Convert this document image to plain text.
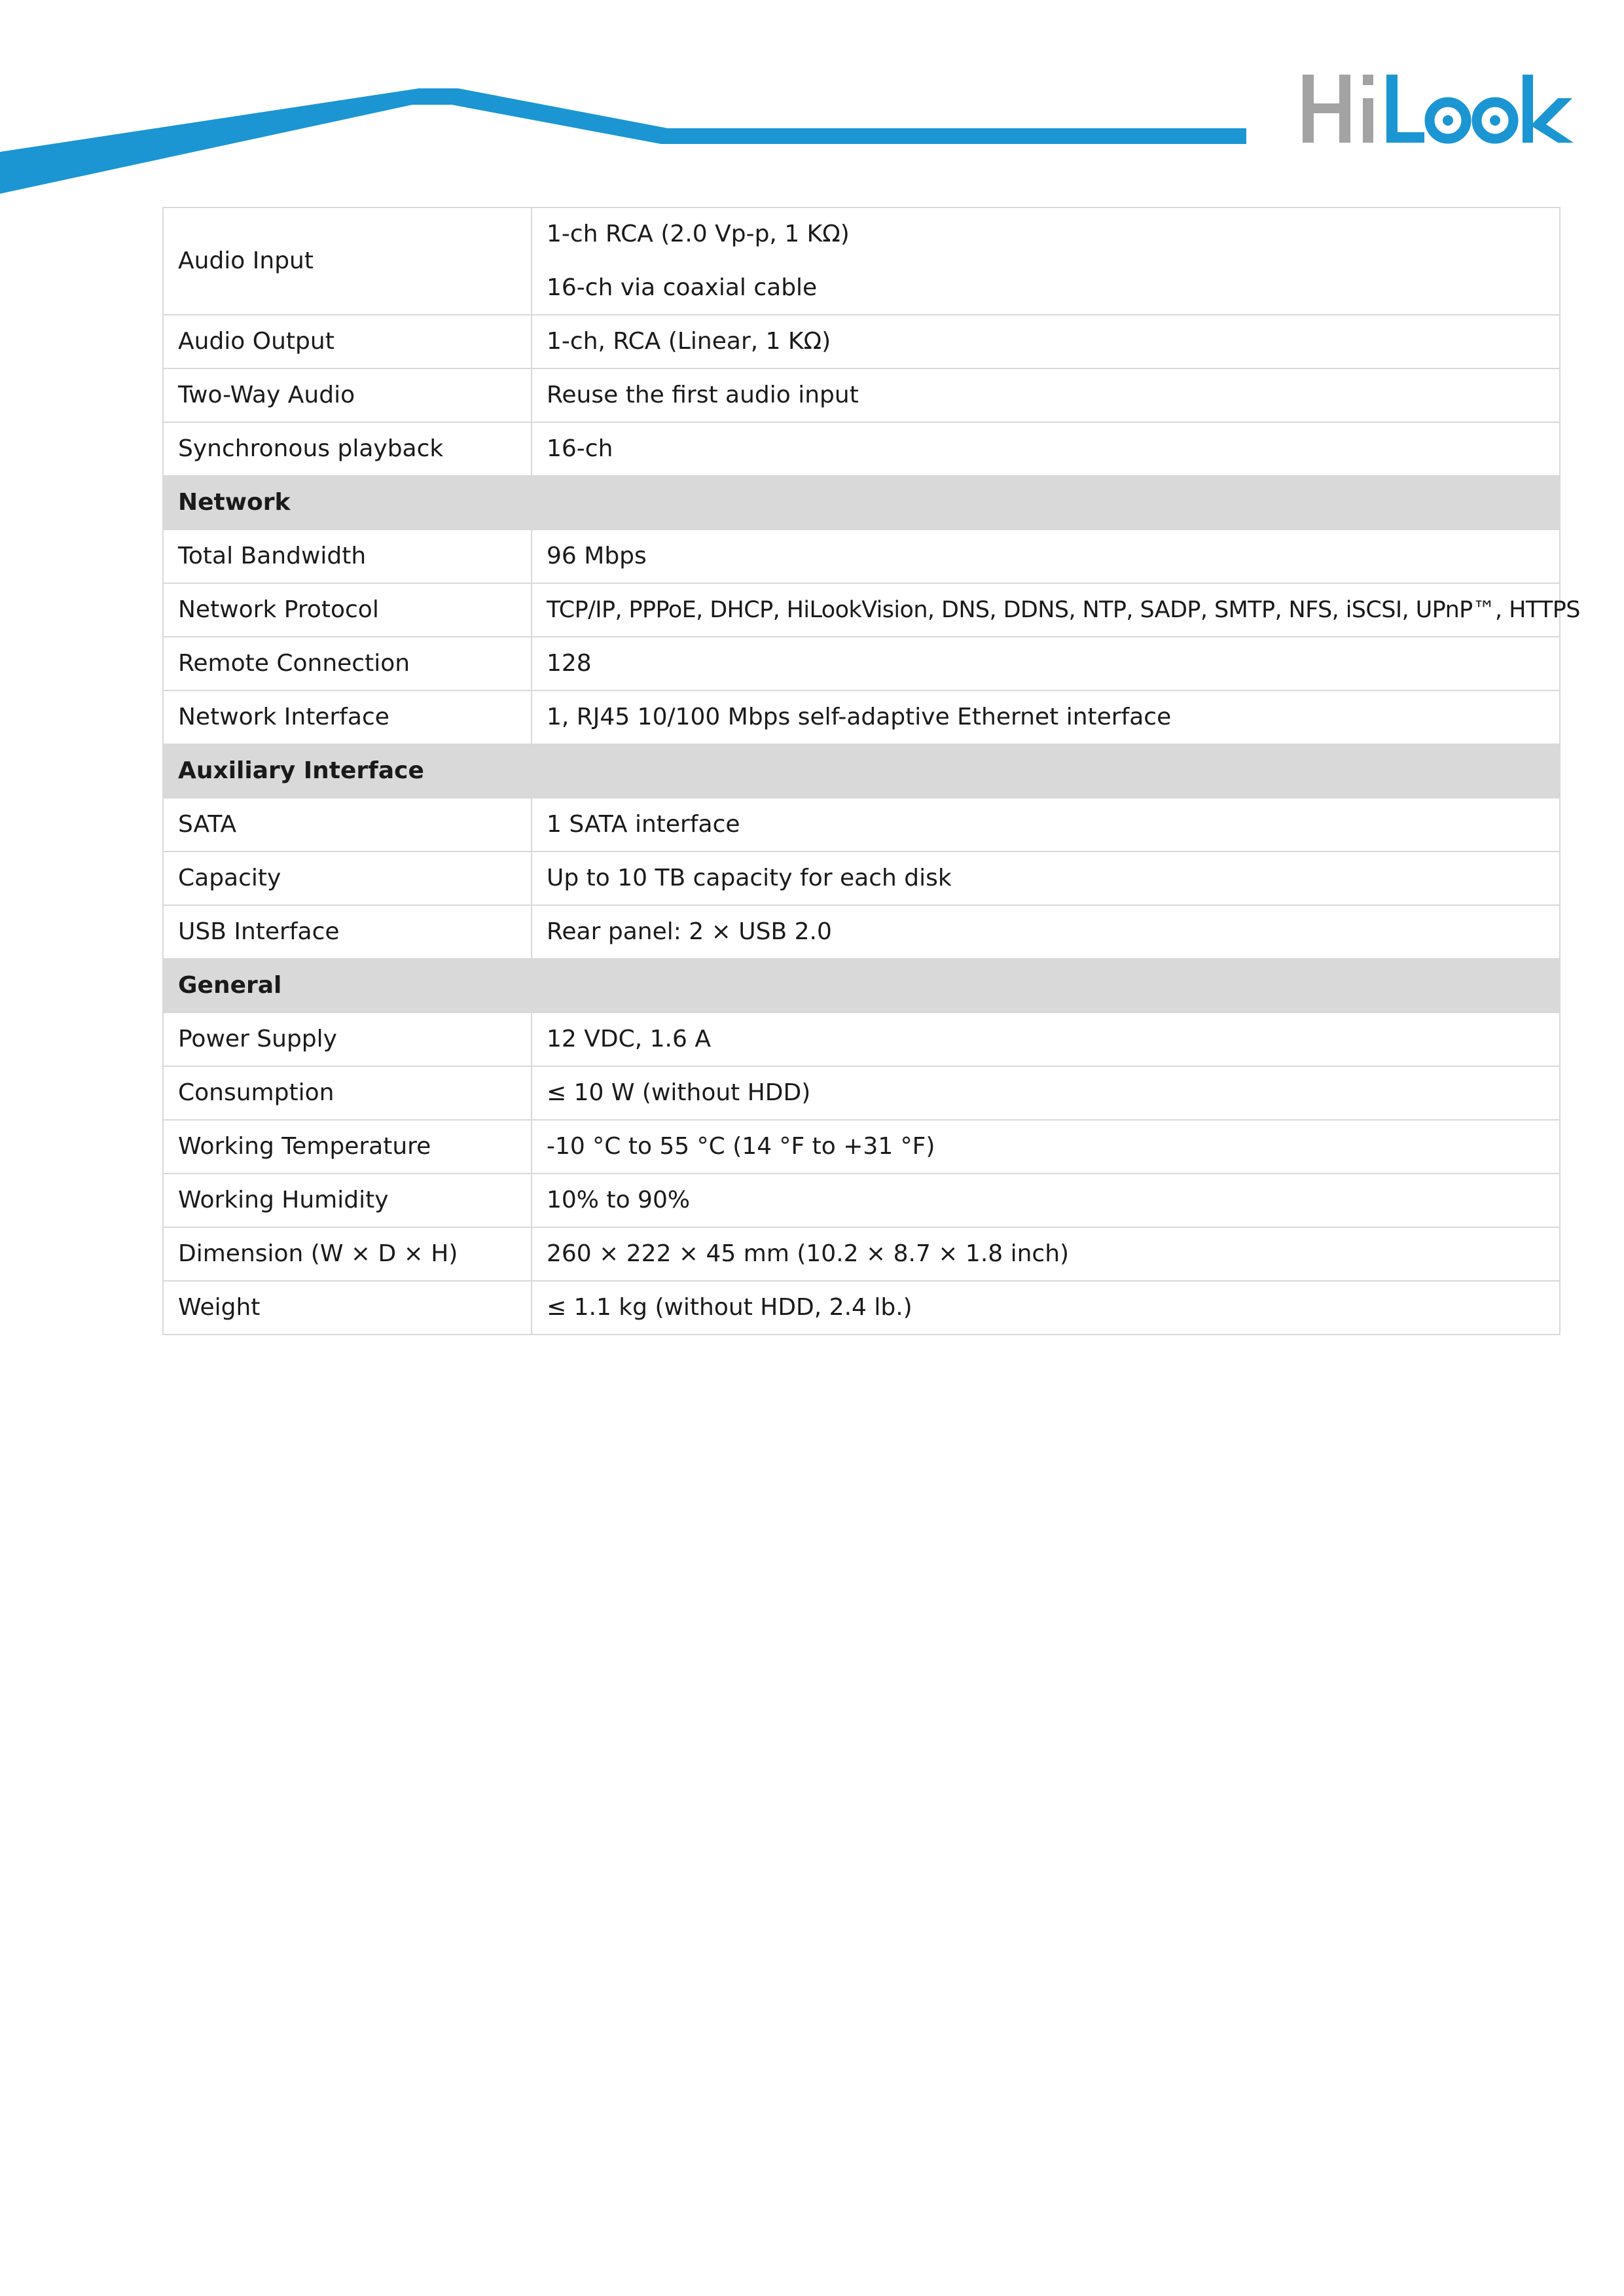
Audio Input	1-ch RCA (2.0 Vp-p, 1 KΩ)
16-ch via coaxial cable

Audio Output	1-ch, RCA (Linear, 1 KΩ)

Two-Way Audio	Reuse the first audio input

Synchronous playback	16-ch

Network	
Total Bandwidth	96 Mbps

Network Protocol	TCP/IP, PPPoE, DHCP, HiLookVision, DNS, DDNS, NTP, SADP, SMTP, NFS, iSCSI, UPnP™, HTTPS

Remote Connection	128

Network Interface	1, RJ45 10/100 Mbps self-adaptive Ethernet interface

Auxiliary Interface	
SATA	1 SATA interface

Capacity	Up to 10 TB capacity for each disk

USB Interface	Rear panel: 2 × USB 2.0

General	
Power Supply	12 VDC, 1.6 A

Consumption	≤ 10 W (without HDD)

Working Temperature	-10 °C to 55 °C (14 °F to +31 °F)

Working Humidity	10% to 90%

Dimension (W × D × H)	260 × 222 × 45 mm (10.2 × 8.7 × 1.8 inch)

Weight	≤ 1.1 kg (without HDD, 2.4 lb.)
